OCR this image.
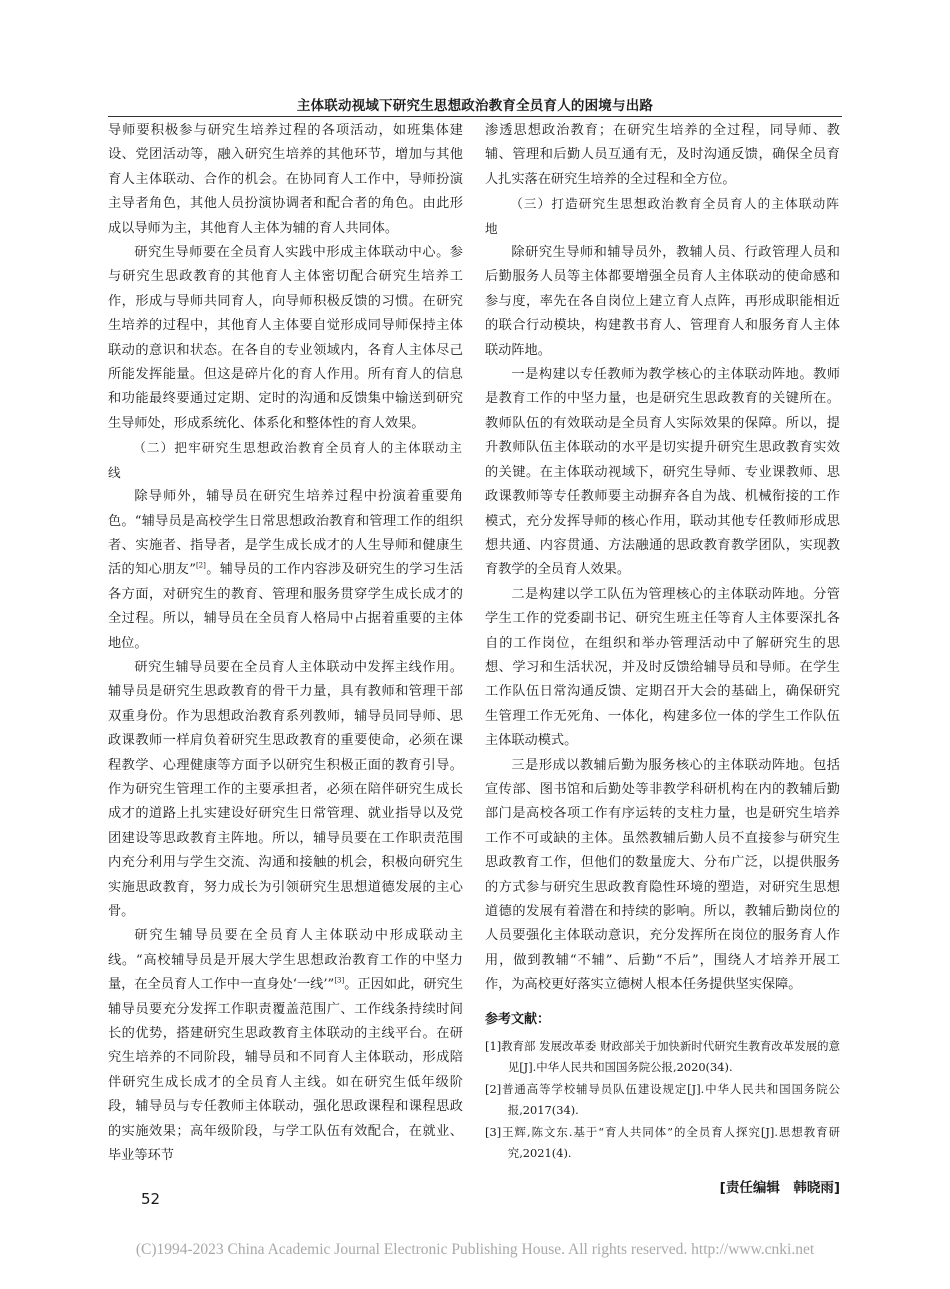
主体联动视域下研究生思想政治教育全员育人的困境与出路

导师要积极参与研究生培养过程的各项活动，如班集体建设、党团活动等，融入研究生培养的其他环节，增加与其他育人主体联动、合作的机会。在协同育人工作中，导师扮演主导者角色，其他人员扮演协调者和配合者的角色。由此形成以导师为主，其他育人主体为辅的育人共同体。

研究生导师要在全员育人实践中形成主体联动中心。参与研究生思政教育的其他育人主体密切配合研究生培养工作，形成与导师共同育人，向导师积极反馈的习惯。在研究生培养的过程中，其他育人主体要自觉形成同导师保持主体联动的意识和状态。在各自的专业领域内，各育人主体尽己所能发挥能量。但这是碎片化的育人作用。所有育人的信息和功能最终要通过定期、定时的沟通和反馈集中输送到研究生导师处，形成系统化、体系化和整体性的育人效果。

（二）把牢研究生思想政治教育全员育人的主体联动主线

除导师外，辅导员在研究生培养过程中扮演着重要角色。“辅导员是高校学生日常思想政治教育和管理工作的组织者、实施者、指导者，是学生成长成才的人生导师和健康生活的知心朋友”[2]。辅导员的工作内容涉及研究生的学习生活各方面，对研究生的教育、管理和服务贯穿学生成长成才的全过程。所以，辅导员在全员育人格局中占据着重要的主体地位。

研究生辅导员要在全员育人主体联动中发挥主线作用。辅导员是研究生思政教育的骨干力量，具有教师和管理干部双重身份。作为思想政治教育系列教师，辅导员同导师、思政课教师一样肩负着研究生思政教育的重要使命，必须在课程教学、心理健康等方面予以研究生积极正面的教育引导。作为研究生管理工作的主要承担者，必须在陪伴研究生成长成才的道路上扎实建设好研究生日常管理、就业指导以及党团建设等思政教育主阵地。所以，辅导员要在工作职责范围内充分利用与学生交流、沟通和接触的机会，积极向研究生实施思政教育，努力成长为引领研究生思想道德发展的主心骨。

研究生辅导员要在全员育人主体联动中形成联动主线。“高校辅导员是开展大学生思想政治教育工作的中坚力量，在全员育人工作中一直身处‘一线’”[3]。正因如此，研究生辅导员要充分发挥工作职责覆盖范围广、工作线条持续时间长的优势，搭建研究生思政教育主体联动的主线平台。在研究生培养的不同阶段，辅导员和不同育人主体联动，形成陪伴研究生成长成才的全员育人主线。如在研究生低年级阶段，辅导员与专任教师主体联动，强化思政课程和课程思政的实施效果；高年级阶段，与学工队伍有效配合，在就业、毕业等环节

渗透思想政治教育；在研究生培养的全过程，同导师、教辅、管理和后勤人员互通有无，及时沟通反馈，确保全员育人扎实落在研究生培养的全过程和全方位。

（三）打造研究生思想政治教育全员育人的主体联动阵地

除研究生导师和辅导员外，教辅人员、行政管理人员和后勤服务人员等主体都要增强全员育人主体联动的使命感和参与度，率先在各自岗位上建立育人点阵，再形成职能相近的联合行动模块，构建教书育人、管理育人和服务育人主体联动阵地。

一是构建以专任教师为教学核心的主体联动阵地。教师是教育工作的中坚力量，也是研究生思政教育的关键所在。教师队伍的有效联动是全员育人实际效果的保障。所以，提升教师队伍主体联动的水平是切实提升研究生思政教育实效的关键。在主体联动视域下，研究生导师、专业课教师、思政课教师等专任教师要主动摒弃各自为战、机械衔接的工作模式，充分发挥导师的核心作用，联动其他专任教师形成思想共通、内容贯通、方法融通的思政教育教学团队，实现教育教学的全员育人效果。

二是构建以学工队伍为管理核心的主体联动阵地。分管学生工作的党委副书记、研究生班主任等育人主体要深扎各自的工作岗位，在组织和举办管理活动中了解研究生的思想、学习和生活状况，并及时反馈给辅导员和导师。在学生工作队伍日常沟通反馈、定期召开大会的基础上，确保研究生管理工作无死角、一体化，构建多位一体的学生工作队伍主体联动模式。

三是形成以教辅后勤为服务核心的主体联动阵地。包括宣传部、图书馆和后勤处等非教学科研机构在内的教辅后勤部门是高校各项工作有序运转的支柱力量，也是研究生培养工作不可或缺的主体。虽然教辅后勤人员不直接参与研究生思政教育工作，但他们的数量庞大、分布广泛，以提供服务的方式参与研究生思政教育隐性环境的塑造，对研究生思想道德的发展有着潜在和持续的影响。所以，教辅后勤岗位的人员要强化主体联动意识，充分发挥所在岗位的服务育人作用，做到教辅“不辅”、后勤“不后”，围绕人才培养开展工作，为高校更好落实立德树人根本任务提供坚实保障。

参考文献：

[1]教育部 发展改革委 财政部关于加快新时代研究生教育改革发展的意见[J].中华人民共和国国务院公报,2020(34).

[2]普通高等学校辅导员队伍建设规定[J].中华人民共和国国务院公报,2017(34).

[3]王辉,陈文东.基于“育人共同体”的全员育人探究[J].思想教育研究,2021(4).

[责任编辑　韩晓雨]
52
(C)1994-2023 China Academic Journal Electronic Publishing House. All rights reserved. http://www.cnki.net
